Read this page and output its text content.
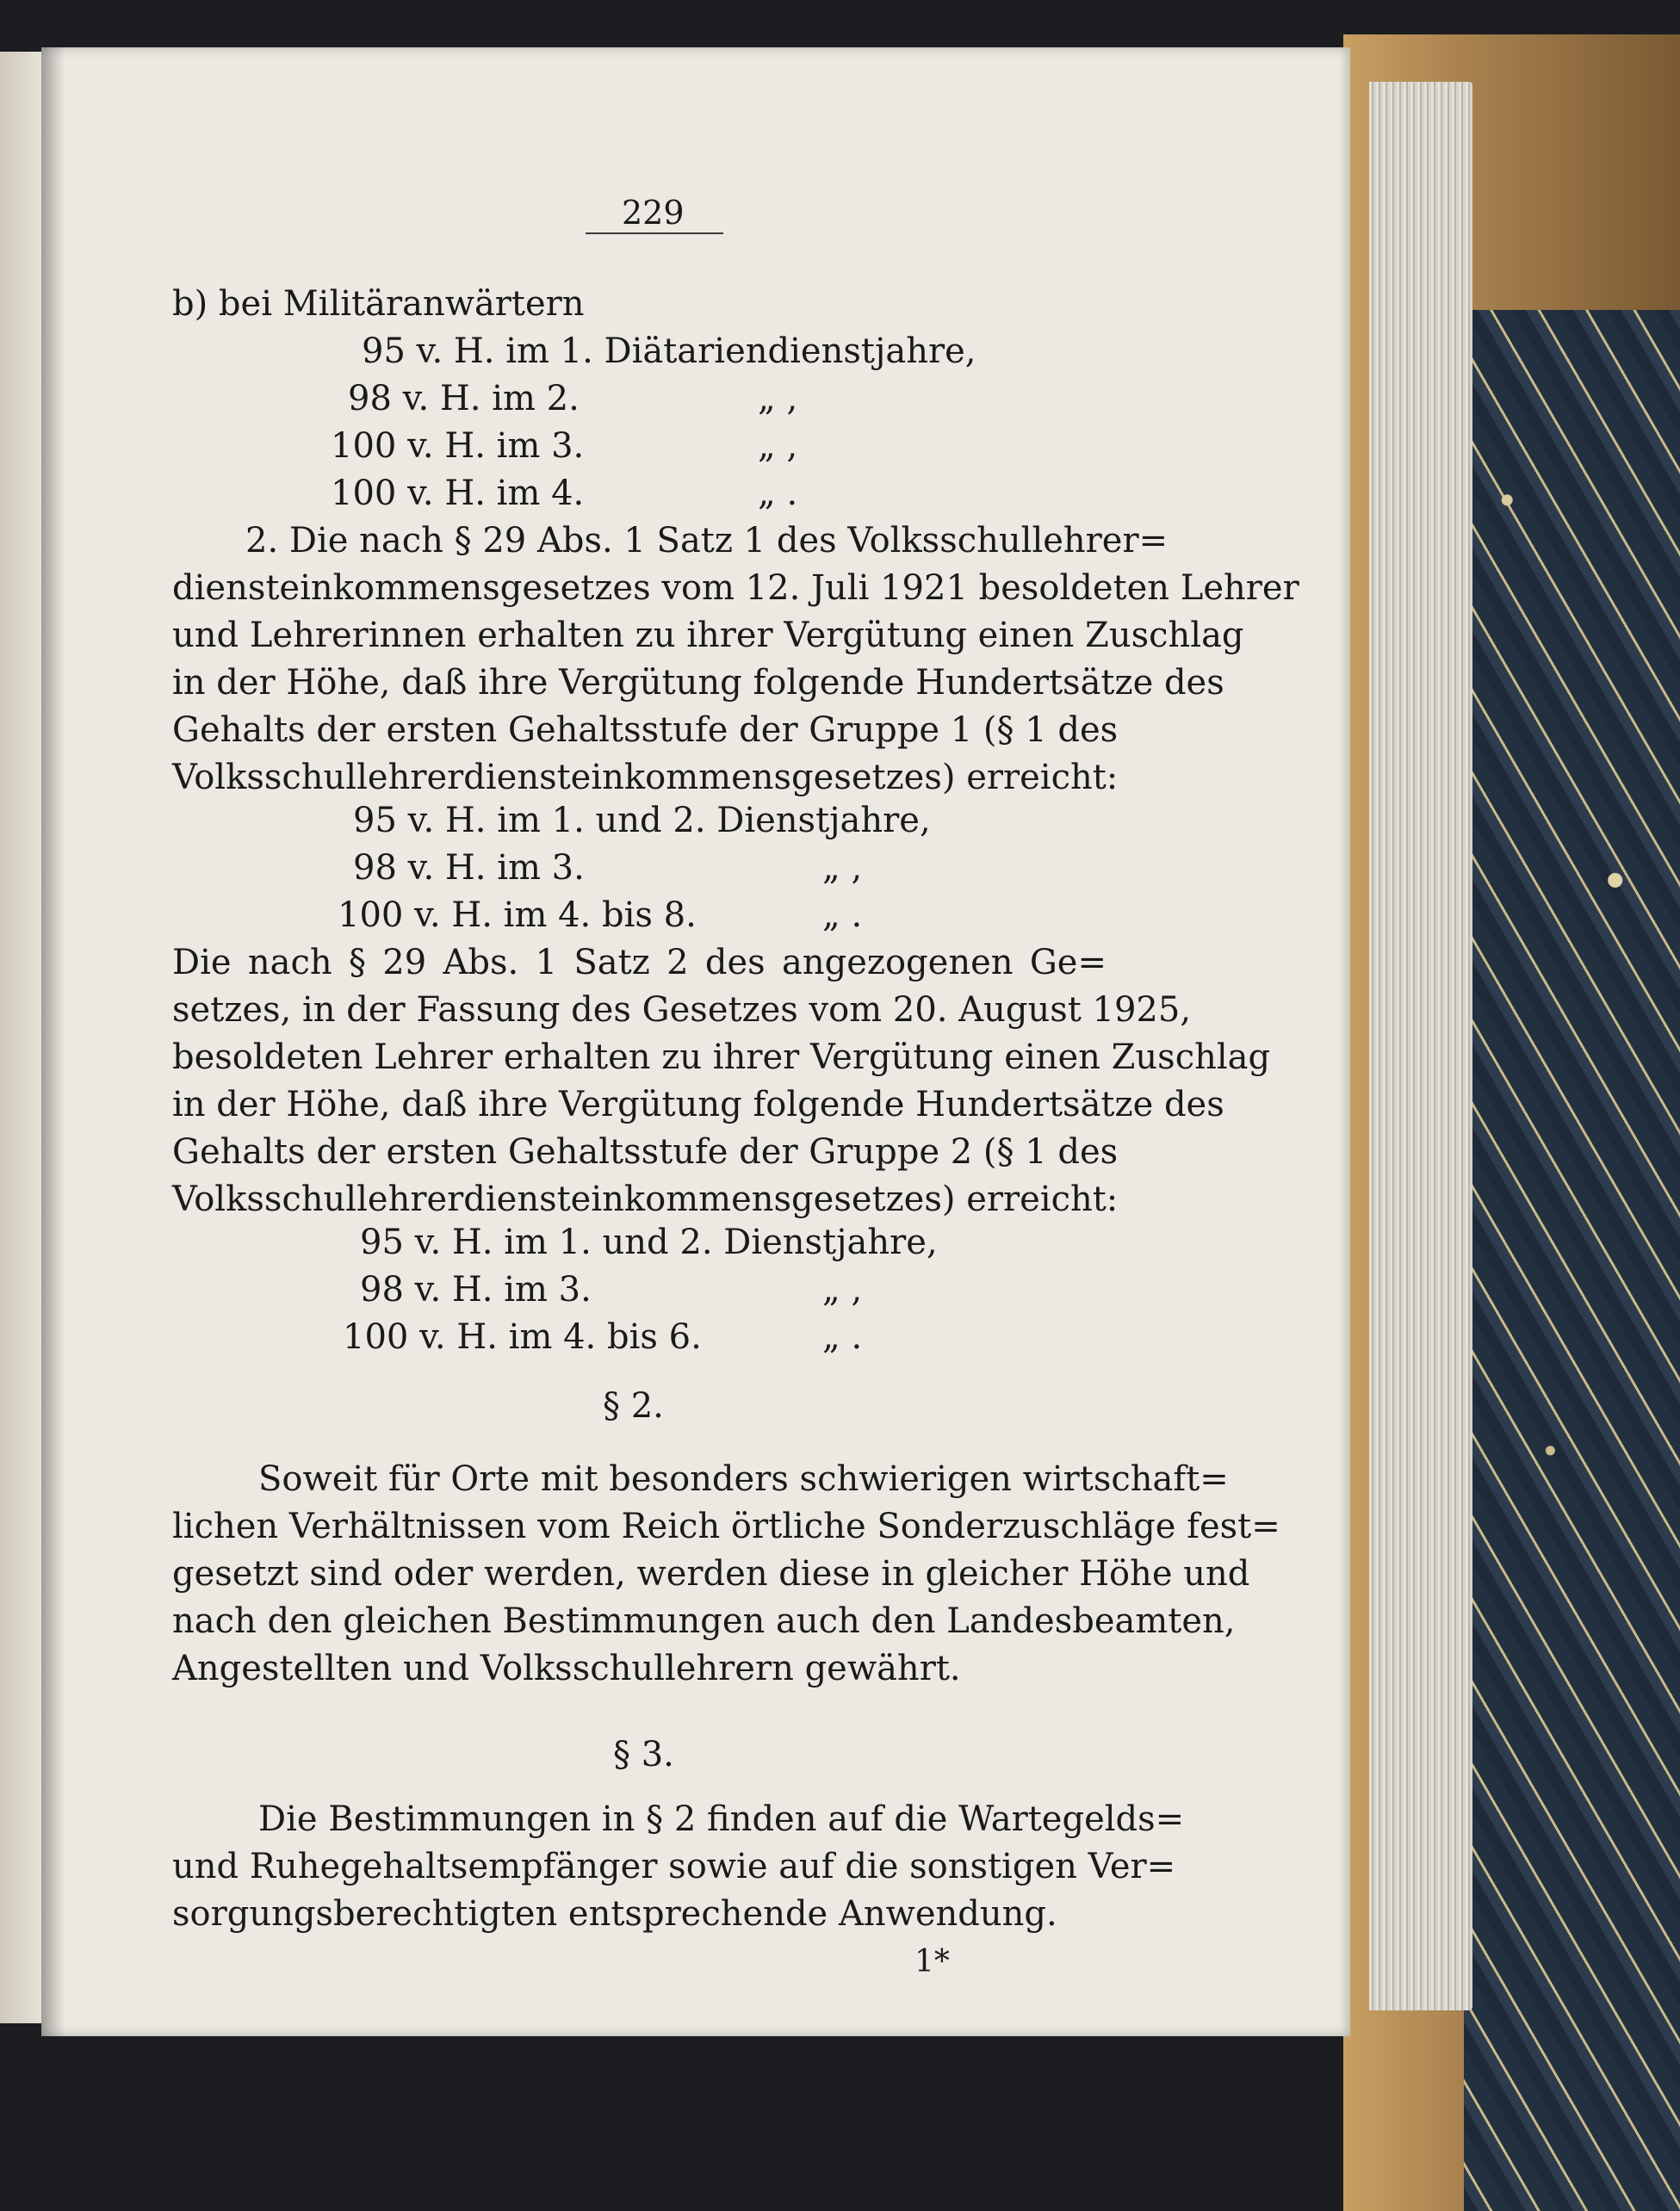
229
b) bei Militäranwärtern
95 v. H. im 1. Diätariendienstjahre,
98 v. H. im 2.	„ ,
100 v. H. im 3.	„ ,
100 v. H. im 4.	„ .
2. Die nach § 29 Abs. 1 Satz 1 des Volksschullehrer=
diensteinkommensgesetzes vom 12. Juli 1921 besoldeten Lehrer
und Lehrerinnen erhalten zu ihrer Vergütung einen Zuschlag
in der Höhe, daß ihre Vergütung folgende Hundertsätze des
Gehalts der ersten Gehaltsstufe der Gruppe 1 (§ 1 des
Volksschullehrerdiensteinkommensgesetzes) erreicht:
95 v. H. im 1. und 2. Dienstjahre,
98 v. H. im 3.	„ ,
100 v. H. im 4. bis 8.	„ .
Die nach § 29 Abs. 1 Satz 2 des angezogenen Ge=
setzes, in der Fassung des Gesetzes vom 20. August 1925,
besoldeten Lehrer erhalten zu ihrer Vergütung einen Zuschlag
in der Höhe, daß ihre Vergütung folgende Hundertsätze des
Gehalts der ersten Gehaltsstufe der Gruppe 2 (§ 1 des
Volksschullehrerdiensteinkommensgesetzes) erreicht:
95 v. H. im 1. und 2. Dienstjahre,
98 v. H. im 3.	„ ,
100 v. H. im 4. bis 6.	„ .
§ 2.
Soweit für Orte mit besonders schwierigen wirtschaft=
lichen Verhältnissen vom Reich örtliche Sonderzuschläge fest=
gesetzt sind oder werden, werden diese in gleicher Höhe und
nach den gleichen Bestimmungen auch den Landesbeamten,
Angestellten und Volksschullehrern gewährt.
§ 3.
Die Bestimmungen in § 2 finden auf die Wartegelds=
und Ruhegehaltsempfänger sowie auf die sonstigen Ver=
sorgungsberechtigten entsprechende Anwendung.
1*
